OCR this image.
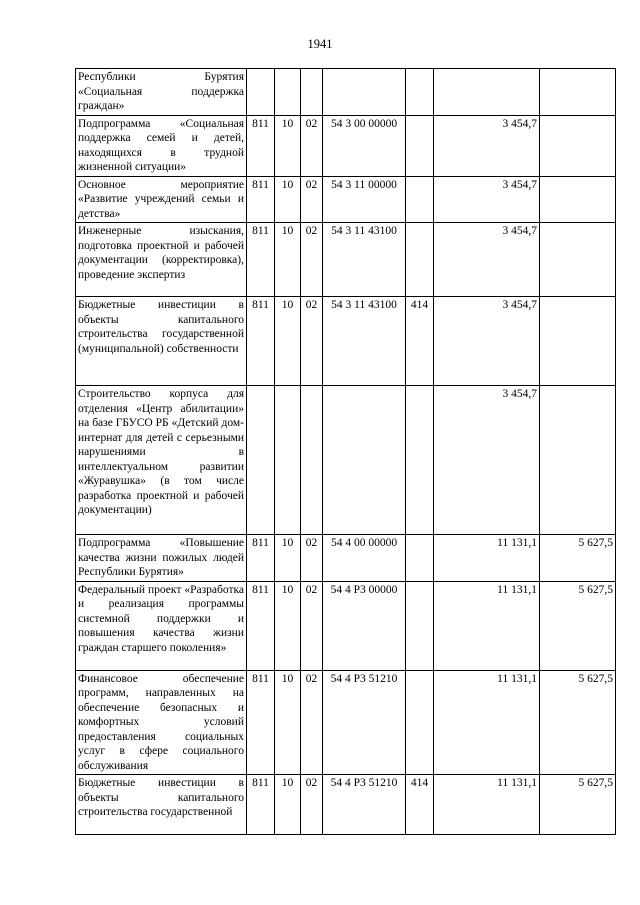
1941
Республики Бурятия «Социальная поддержка граждан»							
Подпрограмма «Социальная поддержка семей и детей, находящихся в трудной жизненной ситуации»	811	10	02	54 3 00 00000		3 454,7	
Основное мероприятие «Развитие учреждений семьи и детства»	811	10	02	54 3 11 00000		3 454,7	
Инженерные изыскания, подготовка проектной и рабочей документации (корректировка), проведение экспертиз	811	10	02	54 3 11 43100		3 454,7	
Бюджетные инвестиции в объекты капитального строительства государственной (муниципальной) собственности	811	10	02	54 3 11 43100	414	3 454,7	
Строительство корпуса для отделения «Центр абилитации» на базе ГБУСО РБ «Детский дом-интернат для детей с серьезными нарушениями в интеллектуальном развитии «Журавушка» (в том числе разработка проектной и рабочей документации)						3 454,7	
Подпрограмма «Повышение качества жизни пожилых людей Республики Бурятия»	811	10	02	54 4 00 00000		11 131,1	5 627,5
Федеральный проект «Разработка и реализация программы системной поддержки и повышения качества жизни граждан старшего поколения»	811	10	02	54 4 P3 00000		11 131,1	5 627,5
Финансовое обеспечение программ, направленных на обеспечение безопасных и комфортных условий предоставления социальных услуг в сфере социального обслуживания	811	10	02	54 4 P3 51210		11 131,1	5 627,5
Бюджетные инвестиции в объекты капитального строительства государственной	811	10	02	54 4 P3 51210	414	11 131,1	5 627,5
